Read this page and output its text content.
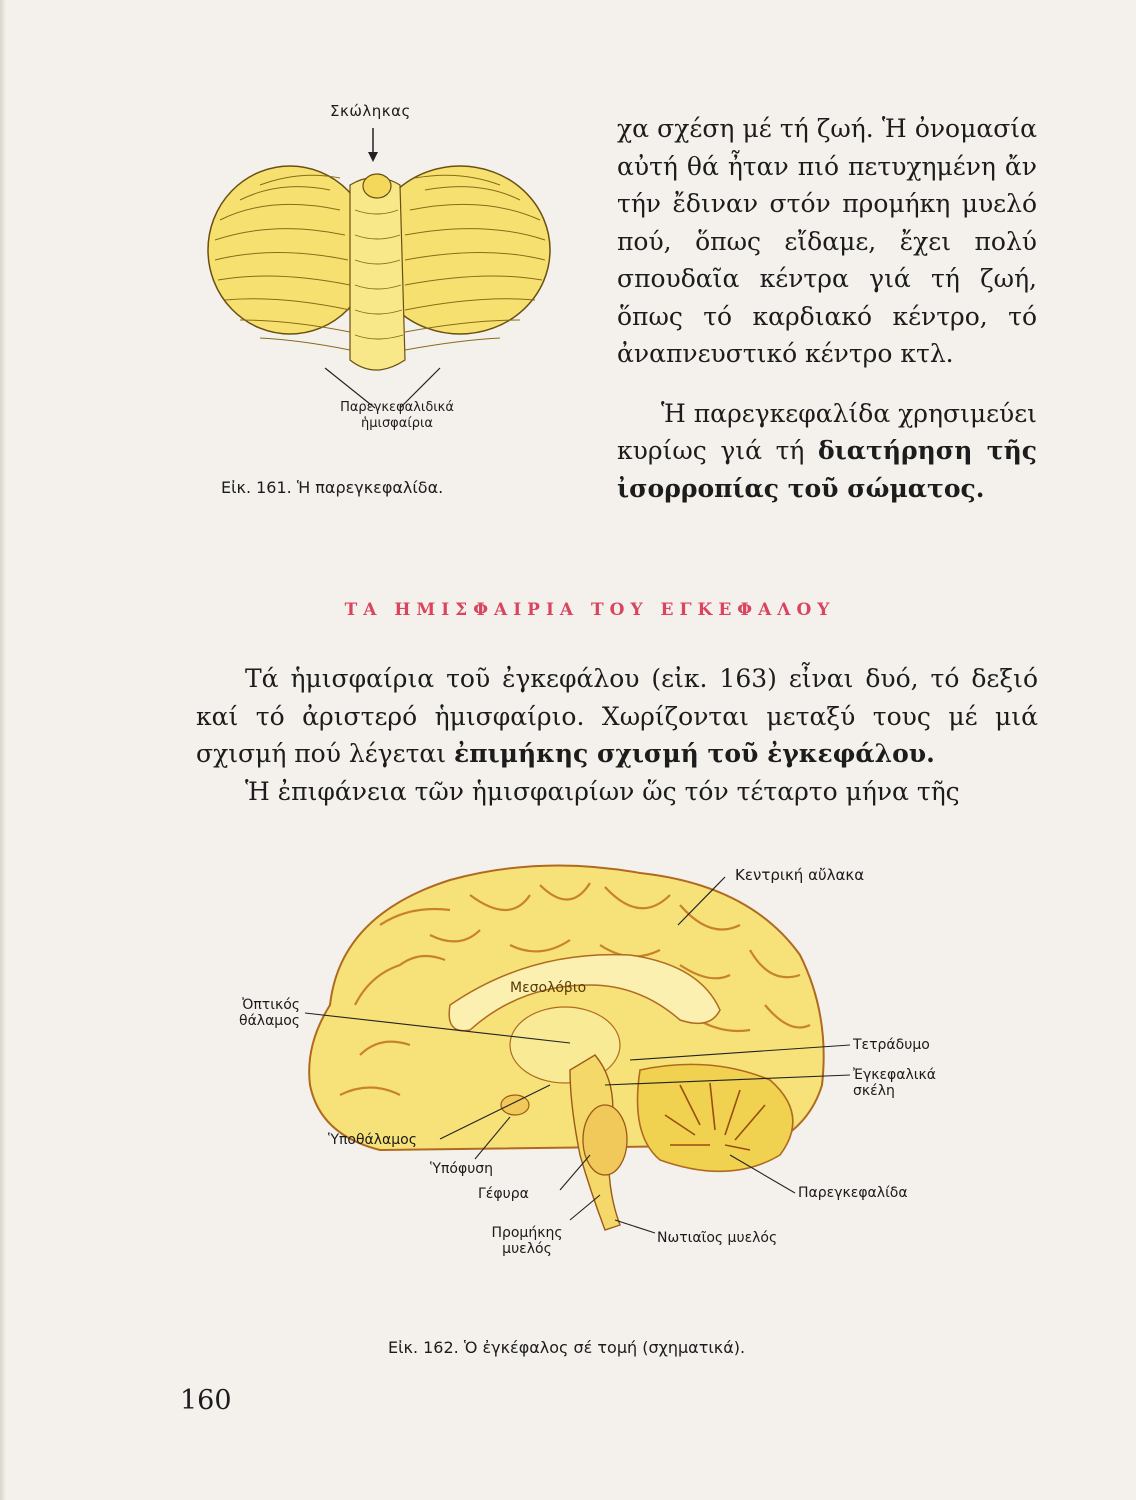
Σκώληκας
Παρεγκεφαλιδικά
ἡμισφαίρια
Εἰκ. 161. Ἡ παρεγκεφαλίδα.

χα σχέση μέ τή ζωή. Ἡ ὀνομασία αὐτή θά ἦταν πιό πετυχημένη ἄν τήν ἔδιναν στόν προμήκη μυελό πού, ὅπως εἴδαμε, ἔχει πολύ σπουδαῖα κέντρα γιά τή ζωή, ὅπως τό καρδιακό κέντρο, τό ἀναπνευστικό κέντρο κτλ.

Ἡ παρεγκεφαλίδα χρησιμεύει κυρίως γιά τή διατήρηση τῆς ἰσορροπίας τοῦ σώματος.

ΤΑ ΗΜΙΣΦΑΙΡΙΑ ΤΟΥ ΕΓΚΕΦΑΛΟΥ

Τά ἡμισφαίρια τοῦ ἐγκεφάλου (εἰκ. 163) εἶναι δυό, τό δεξιό καί τό ἀριστερό ἡμισφαίριο. Χωρίζονται μεταξύ τους μέ μιά σχισμή πού λέγεται ἐπιμήκης σχισμή τοῦ ἐγκεφάλου.

Ἡ ἐπιφάνεια τῶν ἡμισφαιρίων ὥς τόν τέταρτο μήνα τῆς

Κεντρική αὔλακα
Ὀπτικός
θάλαμος
Μεσολόβιο
Τετράδυμο
Ἐγκεφαλικά
σκέλη
Ὑποθάλαμος
Ὑπόφυση
Γέφυρα	Παρεγκεφαλίδα
Προμήκης
μυελός
Νωτιαῖος μυελός
Εἰκ. 162. Ὁ ἐγκέφαλος σέ τομή (σχηματικά).
160
